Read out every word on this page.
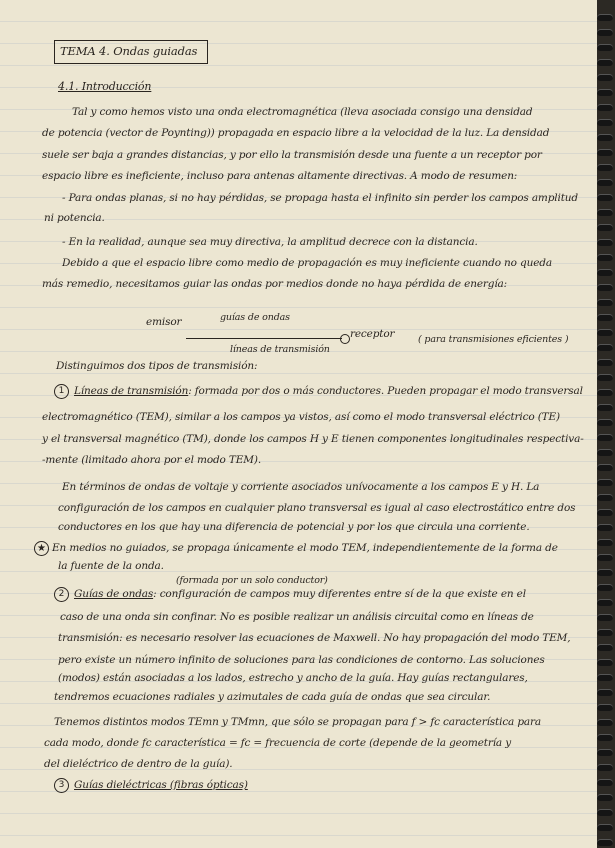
TEMA 4. Ondas guiadas
4.1. Introducción
Tal y como hemos visto una onda electromagnética (lleva asociada consigo una densidad
de potencia (vector de Poynting)) propagada en espacio libre a la velocidad de la luz. La densidad
suele ser baja a grandes distancias, y por ello la transmisión desde una fuente a un receptor por
espacio libre es ineficiente, incluso para antenas altamente directivas. A modo de resumen:
- Para ondas planas, si no hay pérdidas, se propaga hasta el infinito sin perder los campos amplitud
ni potencia.
- En la realidad, aunque sea muy directiva, la amplitud decrece con la distancia.
Debido a que el espacio libre como medio de propagación es muy ineficiente cuando no queda
más remedio, necesitamos guiar las ondas por medios donde no haya pérdida de energía:
emisor	guías de ondas
receptor ( para transmisiones eficientes )
líneas de transmisión
Distinguimos dos tipos de transmisión:
1 Líneas de transmisión: formada por dos o más conductores. Pueden propagar el modo transversal
electromagnético (TEM), similar a los campos ya vistos, así como el modo transversal eléctrico (TE)
y el transversal magnético (TM), donde los campos H y E tienen componentes longitudinales respectiva-
-mente (limitado ahora por el modo TEM).
En términos de ondas de voltaje y corriente asociados unívocamente a los campos E y H. La
configuración de los campos en cualquier plano transversal es igual al caso electrostático entre dos
conductores en los que hay una diferencia de potencial y por los que circula una corriente.
★ En medios no guiados, se propaga únicamente el modo TEM, independientemente de la forma de
la fuente de la onda.
(formada por un solo conductor)
2 Guías de ondas: configuración de campos muy diferentes entre sí de la que existe en el
caso de una onda sin confinar. No es posible realizar un análisis circuital como en líneas de
transmisión: es necesario resolver las ecuaciones de Maxwell. No hay propagación del modo TEM,
pero existe un número infinito de soluciones para las condiciones de contorno. Las soluciones
(modos) están asociadas a los lados, estrecho y ancho de la guía. Hay guías rectangulares,
tendremos ecuaciones radiales y azimutales de cada guía de ondas que sea circular.
Tenemos distintos modos TEmn y TMmn, que sólo se propagan para f > fc característica para
cada modo, donde fc característica = fc = frecuencia de corte (depende de la geometría y
del dieléctrico de dentro de la guía).
3 Guías dieléctricas (fibras ópticas)
